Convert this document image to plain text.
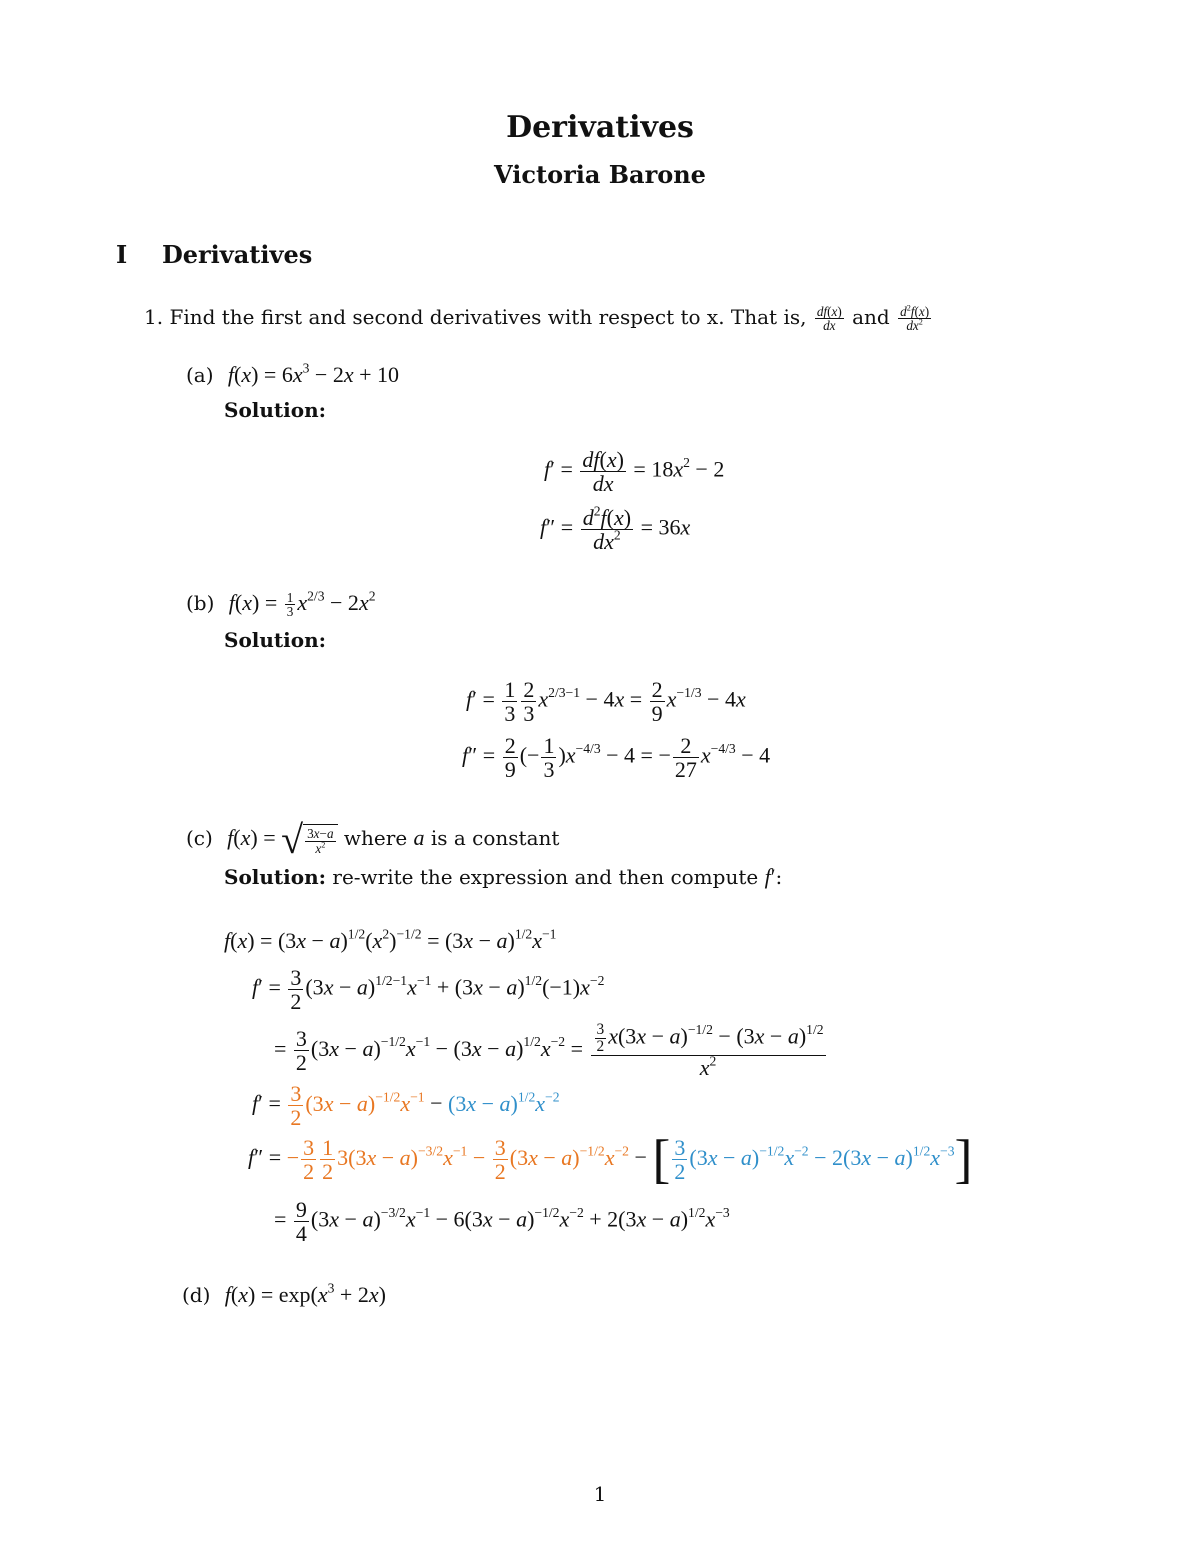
Derivatives
Victoria Barone
I Derivatives
1. Find the first and second derivatives with respect to x. That is, $\frac{df(x)}{dx}$ and $\frac{d^2f(x)}{dx^2}$
(a) $f(x) = 6x^3 - 2x + 10$
Solution:
$f' = \frac{df(x)}{dx} = 18x^2 - 2$
$f'' = \frac{d^2f(x)}{dx^2} = 36x$
(b) $f(x) = \frac{1}{3} x^{2/3} - 2x^2$
Solution:
$f' = \frac{1}{3} \frac{2}{3} x^{2/3-1} - 4x = \frac{2}{9} x^{-1/3} - 4x$
$f'' = \frac{2}{9}$ (− $\frac{1}{3} )x^{-4/3} - 4$ = − $\frac{2}{27} x^{-4/3} - 4$
(c) f(x) = √ $\frac{3x-a}{x^2}$ where a is a constant
Solution: re-write the expression and then compute f′:
$f(x) = (3x - a)^{1/2}(x^2)^{-1/2} = (3x - a)^{1/2}x^{-1}$
$f' = \frac{3}{2} (3x - a)^{1/2-1}x^{-1} + (3x - a)^{1/2}(-1)x^{-2}$
= $\frac{3}{2} (3x - a)^{-1/2}x^{-1} - (3x - a)^{1/2}x^{-2} = \frac{\frac{3}{2} x(3x - a)^{-1/2} - (3x - a)^{1/2}}{x^2}$
$f' = \frac{3}{2} (3x - a)^{-1/2}x^{-1} - (3x - a)^{1/2}x^{-2}$
f″ = − $\frac{3}{2} \frac{1}{2} 3(3x - a)^{-3/2}x^{-1} - \frac{3}{2} (3x - a)^{-1/2}x^{-2}$ − [ $\frac{3}{2} (3x - a)^{-1/2}x^{-2} - 2(3x - a)^{1/2}x^{-3}$]
= $\frac{9}{4} (3x - a)^{-3/2}x^{-1} - 6(3x - a)^{-1/2}x^{-2} + 2(3x - a)^{1/2}x^{-3}$
(d) $f(x) = \exp(x^3 + 2x)$
1
